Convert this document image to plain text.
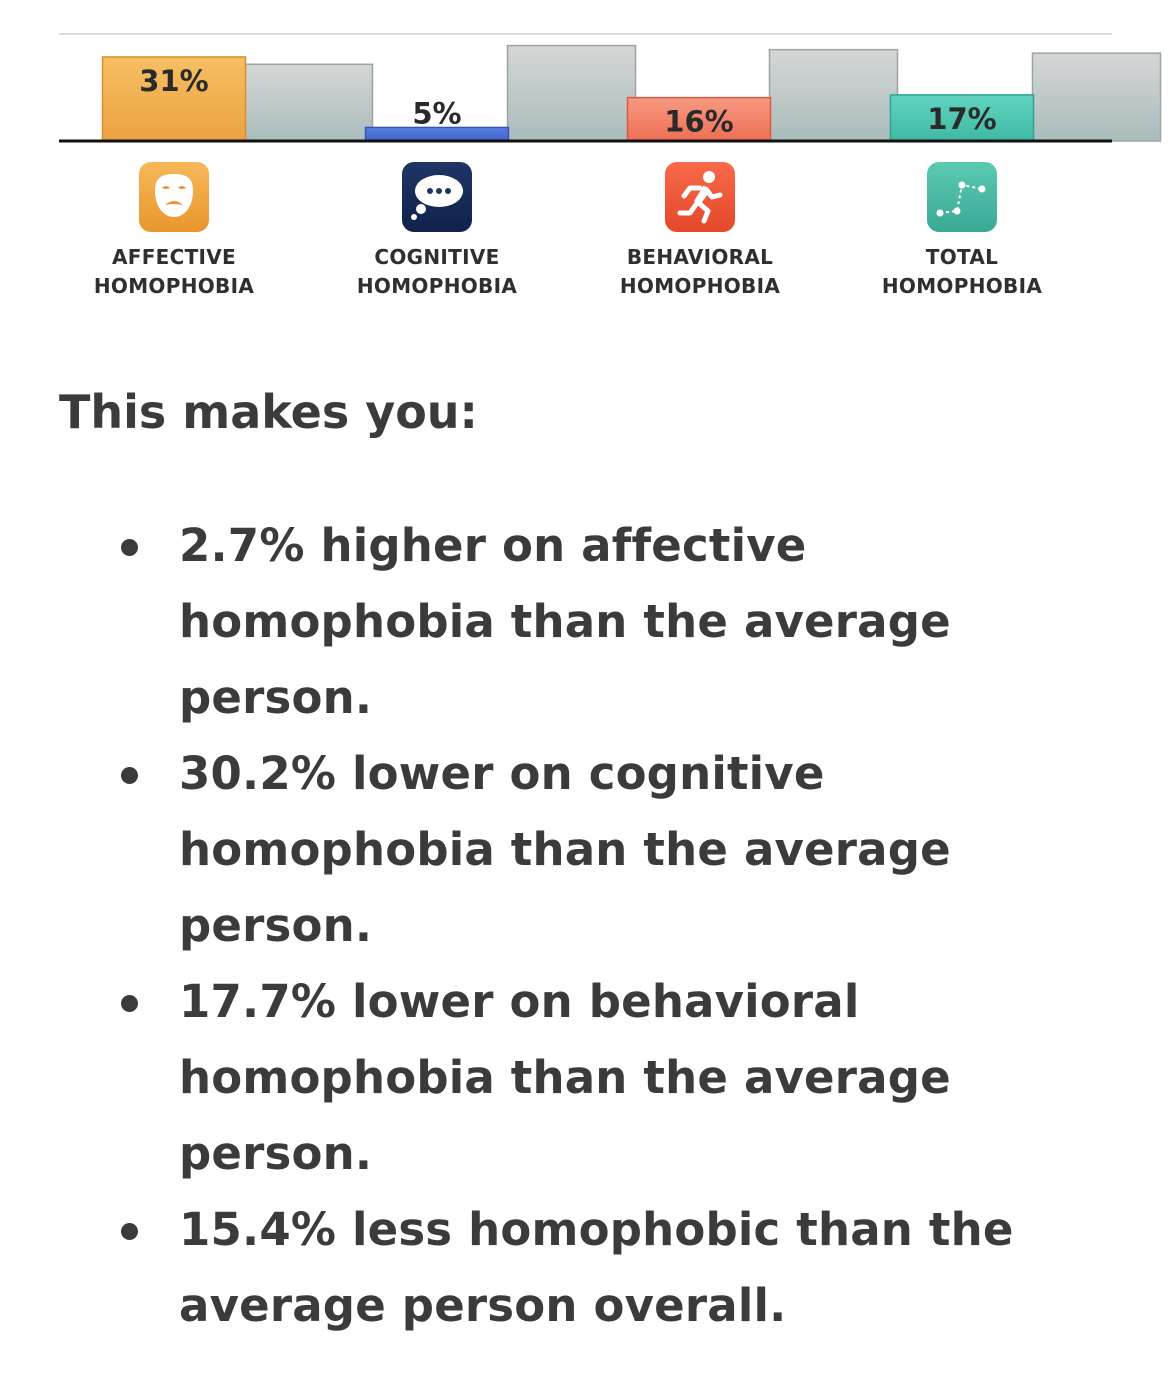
31%
5%	16%	17%
AFFECTIVE
HOMOPHOBIA
COGNITIVE
HOMOPHOBIA
BEHAVIORAL
HOMOPHOBIA
TOTAL
HOMOPHOBIA
This makes you:
2.7% higher on affective homophobia than the average person.
30.2% lower on cognitive homophobia than the average person.
17.7% lower on behavioral homophobia than the average person.
15.4% less homophobic than the average person overall.
